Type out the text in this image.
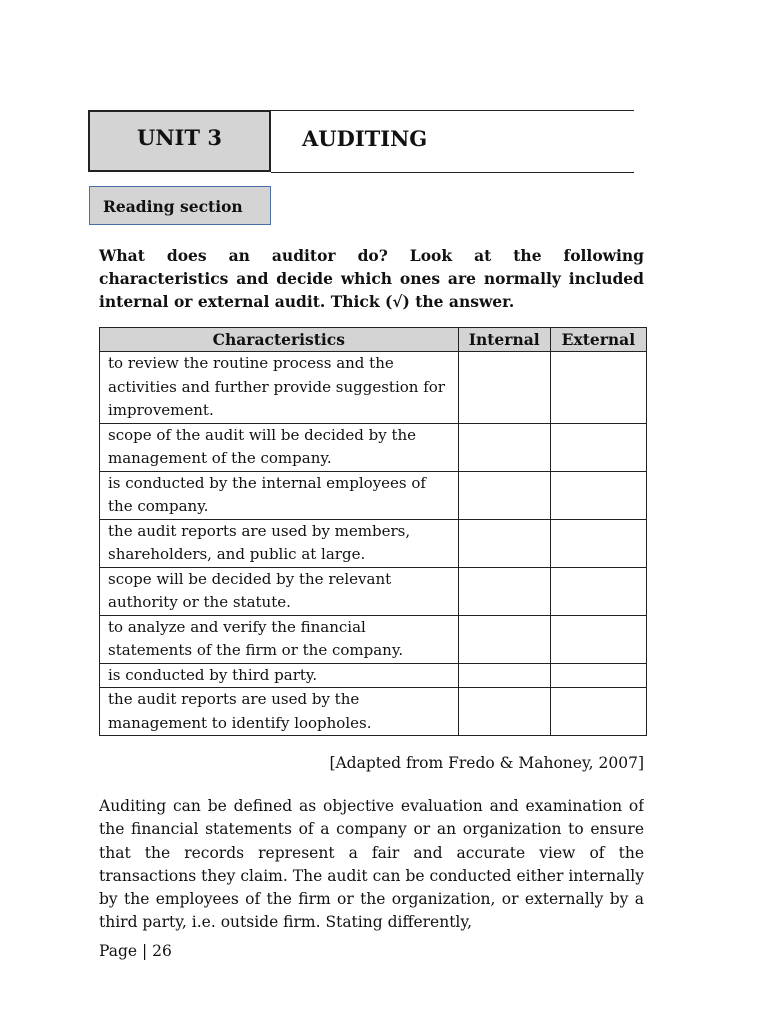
UNIT 3	AUDITING
Reading section
What does an auditor do? Look at the following characteristics and decide which ones are normally included internal or external audit. Thick (√) the answer.
Characteristics	Internal	External
to review the routine process and the activities and further provide suggestion for improvement.		
scope of the audit will be decided by the management of the company.		
is conducted by the internal employees of the company.		
the audit reports are used by members, shareholders, and public at large.		
scope will be decided by the relevant authority or the statute.		
to analyze and verify the financial statements of the firm or the company.		
is conducted by third party.		
the audit reports are used by the management to identify loopholes.		
[Adapted from Fredo & Mahoney, 2007]
Auditing can be defined as objective evaluation and examination of the financial statements of a company or an organization to ensure that the records represent a fair and accurate view of the transactions they claim. The audit can be conducted either internally by the employees of the firm or the organization, or externally by a third party, i.e. outside firm. Stating differently,
Page | 26
